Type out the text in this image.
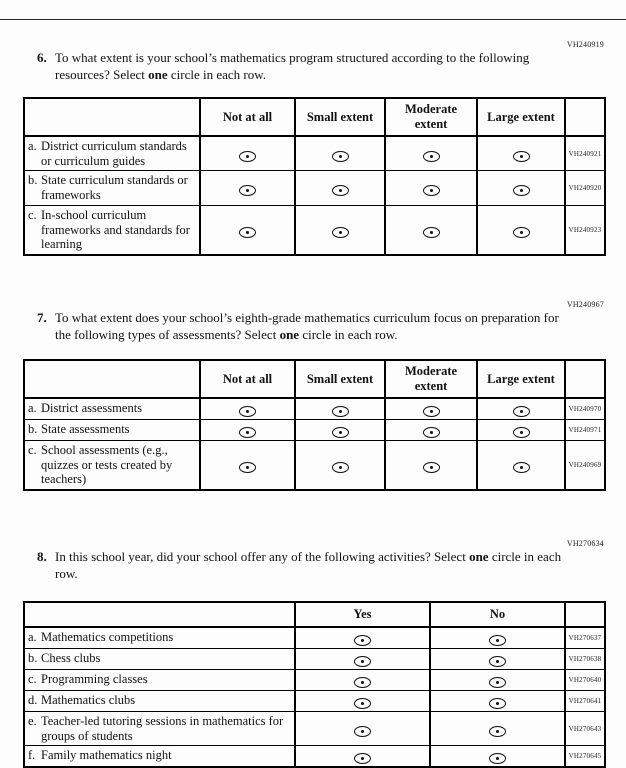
VH240919
6. To what extent is your school’s mathematics program structured according to the following resources? Select one circle in each row.

	Not at all	Small extent	Moderate extent	Large extent	

a. District curriculum standards or curriculum guides					VH240921

b. State curriculum standards or frameworks					VH240920

c. In-school curriculum frameworks and standards for learning					VH240923
VH240967
7. To what extent does your school’s eighth-grade mathematics curriculum focus on preparation for the following types of assessments? Select one circle in each row.

	Not at all	Small extent	Moderate extent	Large extent	

a. District assessments					VH240970

b. State assessments					VH240971

c. School assessments (e.g., quizzes or tests created by teachers)					VH240969
VH270634
8. In this school year, did your school offer any of the following activities? Select one circle in each row.

	Yes	No	

a. Mathematics competitions			VH270637

b. Chess clubs			VH270638

c. Programming classes			VH270640

d. Mathematics clubs			VH270641

e. Teacher-led tutoring sessions in mathematics for groups of students			VH270643

f. Family mathematics night			VH270645
